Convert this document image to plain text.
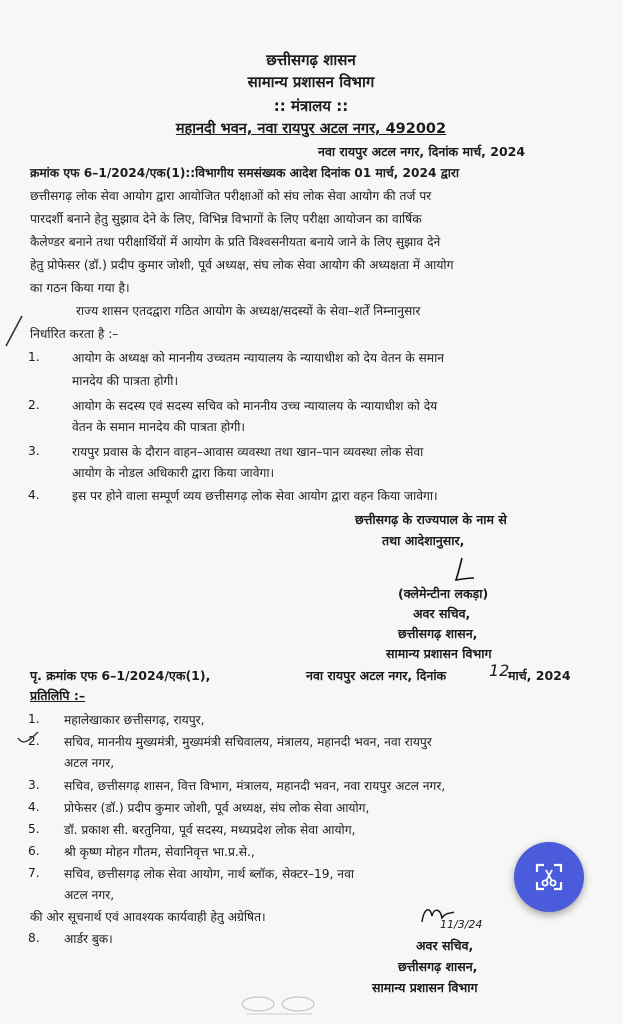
छत्तीसगढ़ शासन
सामान्य प्रशासन विभाग
:: मंत्रालय ::
महानदी भवन, नवा रायपुर अटल नगर, 492002
नवा रायपुर अटल नगर, दिनांक मार्च, 2024
क्रमांक एफ 6–1/2024/एक(1)::विभागीय समसंख्यक आदेश दिनांक 01 मार्च, 2024 द्वारा
छत्तीसगढ़ लोक सेवा आयोग द्वारा आयोजित परीक्षाओं को संघ लोक सेवा आयोग की तर्ज पर
पारदर्शी बनाने हेतु सुझाव देने के लिए, विभिन्न विभागों के लिए परीक्षा आयोजन का वार्षिक
कैलेण्डर बनाने तथा परीक्षार्थियों में आयोग के प्रति विश्वसनीयता बनाये जाने के लिए सुझाव देने
हेतु प्रोफेसर (डॉ.) प्रदीप कुमार जोशी, पूर्व अध्यक्ष, संघ लोक सेवा आयोग की अध्यक्षता में आयोग
का गठन किया गया है।
राज्य शासन एतदद्वारा गठित आयोग के अध्यक्ष/सदस्यों के सेवा–शर्तें निम्नानुसार
निर्धारित करता है :–
1.	आयोग के अध्यक्ष को माननीय उच्चतम न्यायालय के न्यायाधीश को देय वेतन के समान
मानदेय की पात्रता होगी।
2.	आयोग के सदस्य एवं सदस्य सचिव को माननीय उच्च न्यायालय के न्यायाधीश को देय
वेतन के समान मानदेय की पात्रता होगी।
3.	रायपुर प्रवास के दौरान वाहन–आवास व्यवस्था तथा खान–पान व्यवस्था लोक सेवा
आयोग के नोडल अधिकारी द्वारा किया जावेगा।
4.	इस पर होने वाला सम्पूर्ण व्यय छत्तीसगढ़ लोक सेवा आयोग द्वारा वहन किया जावेगा।
छत्तीसगढ़ के राज्यपाल के नाम से
तथा आदेशानुसार,
(क्लेमेन्टीना लकड़ा)
अवर सचिव,
छत्तीसगढ़ शासन,
सामान्य प्रशासन विभाग
पृ. क्रमांक एफ 6–1/2024/एक(1),	नवा रायपुर अटल नगर, दिनांक	12
मार्च, 2024
प्रतिलिपि :–
1. महालेखाकार छत्तीसगढ़, रायपुर,
2. सचिव, माननीय मुख्यमंत्री, मुख्यमंत्री सचिवालय, मंत्रालय, महानदी भवन, नवा रायपुर
अटल नगर,
3. सचिव, छत्तीसगढ़ शासन, वित्त विभाग, मंत्रालय, महानदी भवन, नवा रायपुर अटल नगर,
4. प्रोफेसर (डॉ.) प्रदीप कुमार जोशी, पूर्व अध्यक्ष, संघ लोक सेवा आयोग,
5. डॉ. प्रकाश सी. बरतुनिया, पूर्व सदस्य, मध्यप्रदेश लोक सेवा आयोग,
6. श्री कृष्ण मोहन गौतम, सेवानिवृत्त भा.प्र.से.,
7. सचिव, छत्तीसगढ़ लोक सेवा आयोग, नार्थ ब्लॉक, सेक्टर–19, नवा
अटल नगर,
की ओर सूचनार्थ एवं आवश्यक कार्यवाही हेतु अग्रेषित।
8. आर्डर बुक।
11/3/24
अवर सचिव,
छत्तीसगढ़ शासन,
सामान्य प्रशासन विभाग
